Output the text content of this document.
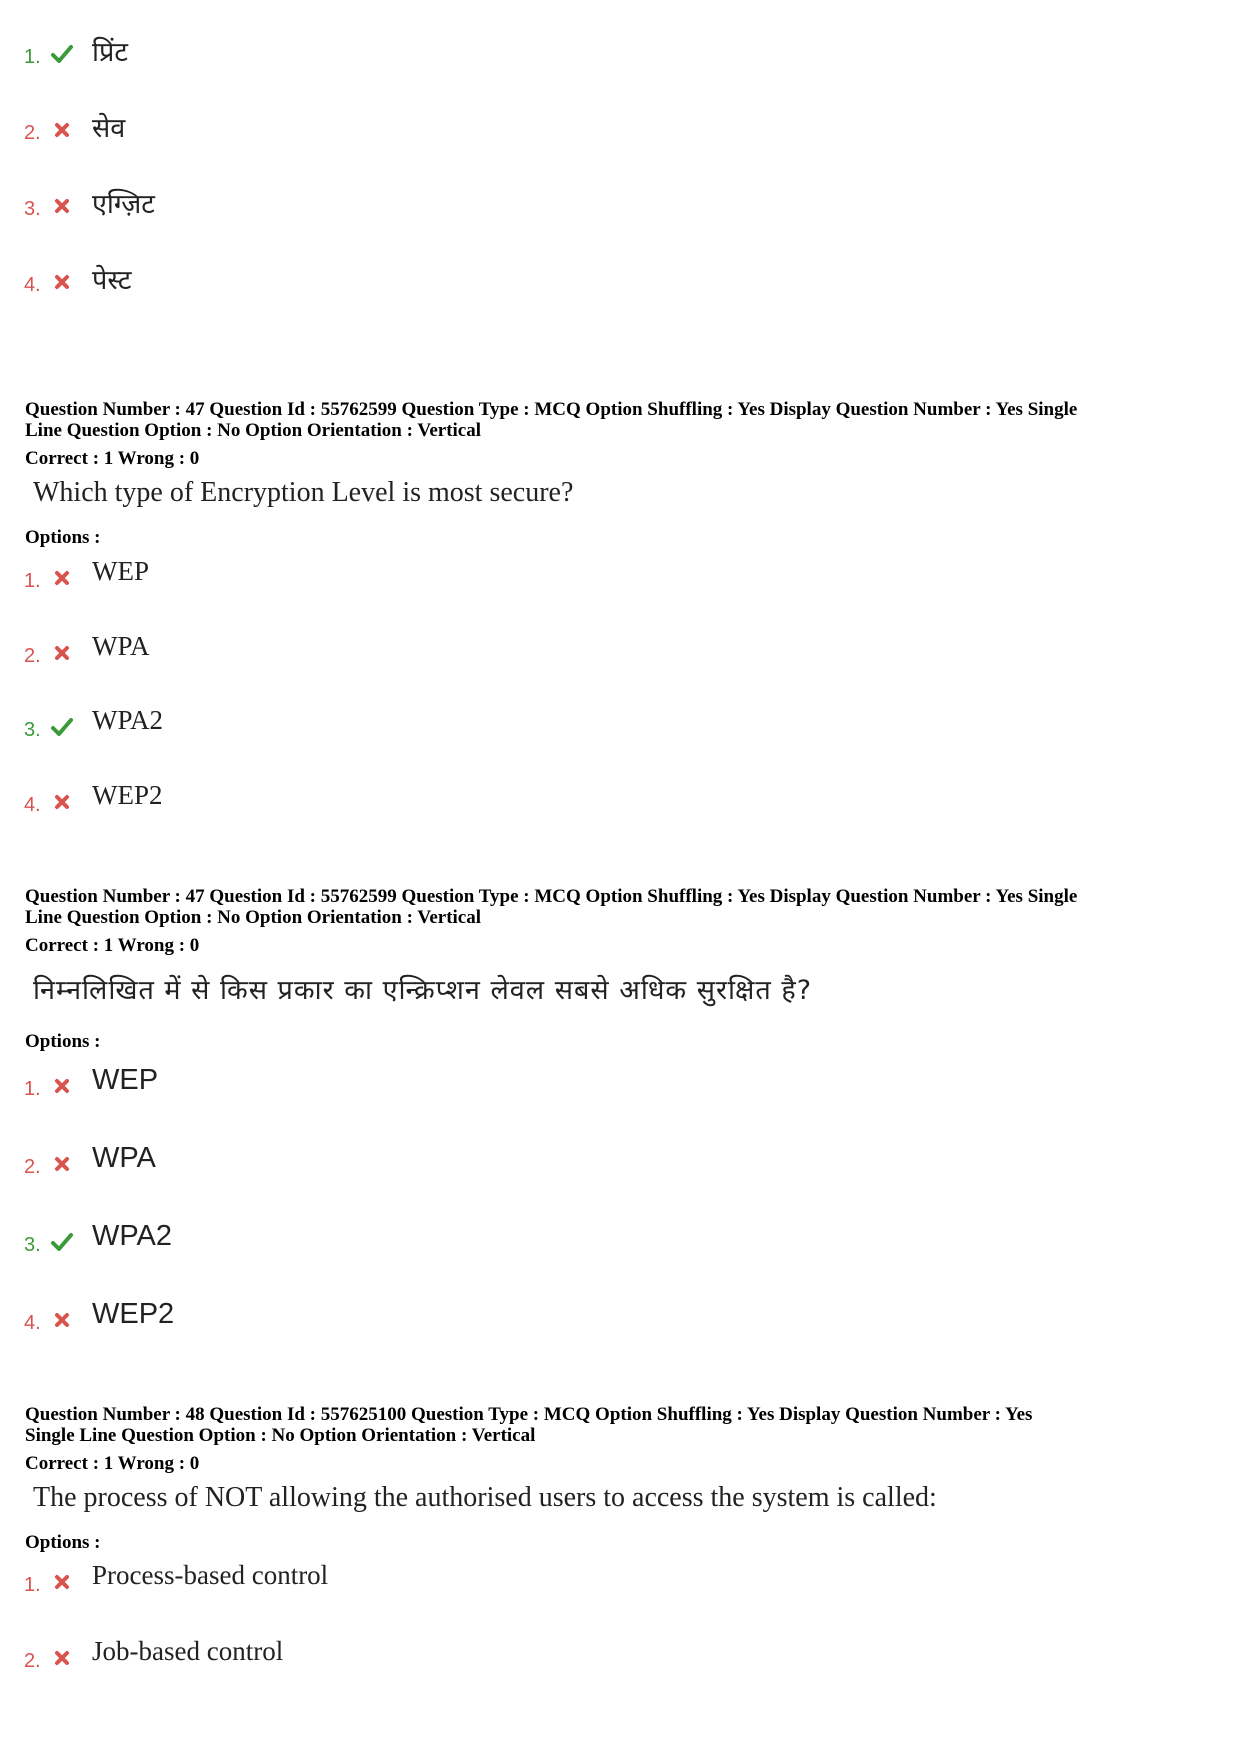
1. प्रिंट
2. सेव
3. एग्ज़िट
4. पेस्ट
Question Number : 47 Question Id : 55762599 Question Type : MCQ Option Shuffling : Yes Display Question Number : Yes Single
Line Question Option : No Option Orientation : Vertical
Correct : 1 Wrong : 0
Which type of Encryption Level is most secure?
Options :
1. WEP
2. WPA
3. WPA2
4. WEP2
Question Number : 47 Question Id : 55762599 Question Type : MCQ Option Shuffling : Yes Display Question Number : Yes Single
Line Question Option : No Option Orientation : Vertical
Correct : 1 Wrong : 0
निम्नलिखित में से किस प्रकार का एन्क्रिप्शन लेवल सबसे अधिक सुरक्षित है?
Options :
1. WEP
2. WPA
3. WPA2
4. WEP2
Question Number : 48 Question Id : 557625100 Question Type : MCQ Option Shuffling : Yes Display Question Number : Yes
Single Line Question Option : No Option Orientation : Vertical
Correct : 1 Wrong : 0
The process of NOT allowing the authorised users to access the system is called:
Options :
1. Process-based control
2. Job-based control
